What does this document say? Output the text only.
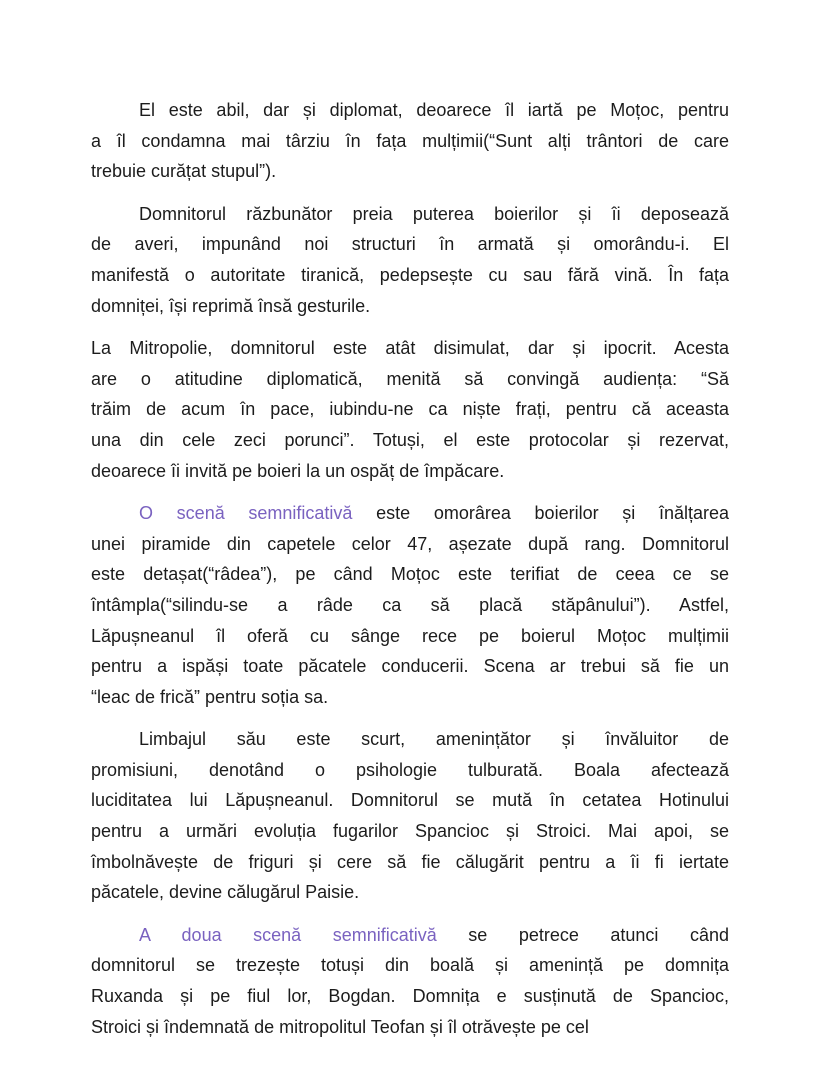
El este abil, dar și diplomat, deoarece îl iartă pe Moțoc, pentru
a îl condamna mai târziu în fața mulțimii(“Sunt alți trântori de care
trebuie curățat stupul”).
Domnitorul răzbunător preia puterea boierilor și îi deposează
de averi, impunând noi structuri în armată și omorându-i. El
manifestă o autoritate tiranică, pedepsește cu sau fără vină. În fața
domniței, își reprimă însă gesturile.
La Mitropolie, domnitorul este atât disimulat, dar și ipocrit. Acesta
are o atitudine diplomatică, menită să convingă audiența: “Să
trăim de acum în pace, iubindu-ne ca niște frați, pentru că aceasta
una din cele zeci porunci”. Totuși, el este protocolar și rezervat,
deoarece îi invită pe boieri la un ospăț de împăcare.
O scenă semnificativă este omorârea boierilor și înălțarea
unei piramide din capetele celor 47, așezate după rang. Domnitorul
este detașat(“râdea”), pe când Moțoc este terifiat de ceea ce se
întâmpla(“silindu-se a râde ca să placă stăpânului”). Astfel,
Lăpușneanul îl oferă cu sânge rece pe boierul Moțoc mulțimii
pentru a ispăși toate păcatele conducerii. Scena ar trebui să fie un
“leac de frică” pentru soția sa.
Limbajul său este scurt, amenințător și învăluitor de
promisiuni, denotând o psihologie tulburată. Boala afectează
luciditatea lui Lăpușneanul. Domnitorul se mută în cetatea Hotinului
pentru a urmări evoluția fugarilor Spancioc și Stroici. Mai apoi, se
îmbolnăvește de friguri și cere să fie călugărit pentru a îi fi iertate
păcatele, devine călugărul Paisie.
A doua scenă semnificativă se petrece atunci când
domnitorul se trezește totuși din boală și amenință pe domnița
Ruxanda și pe fiul lor, Bogdan. Domnița e susținută de Spancioc,
Stroici și îndemnată de mitropolitul Teofan și îl otrăvește pe cel
